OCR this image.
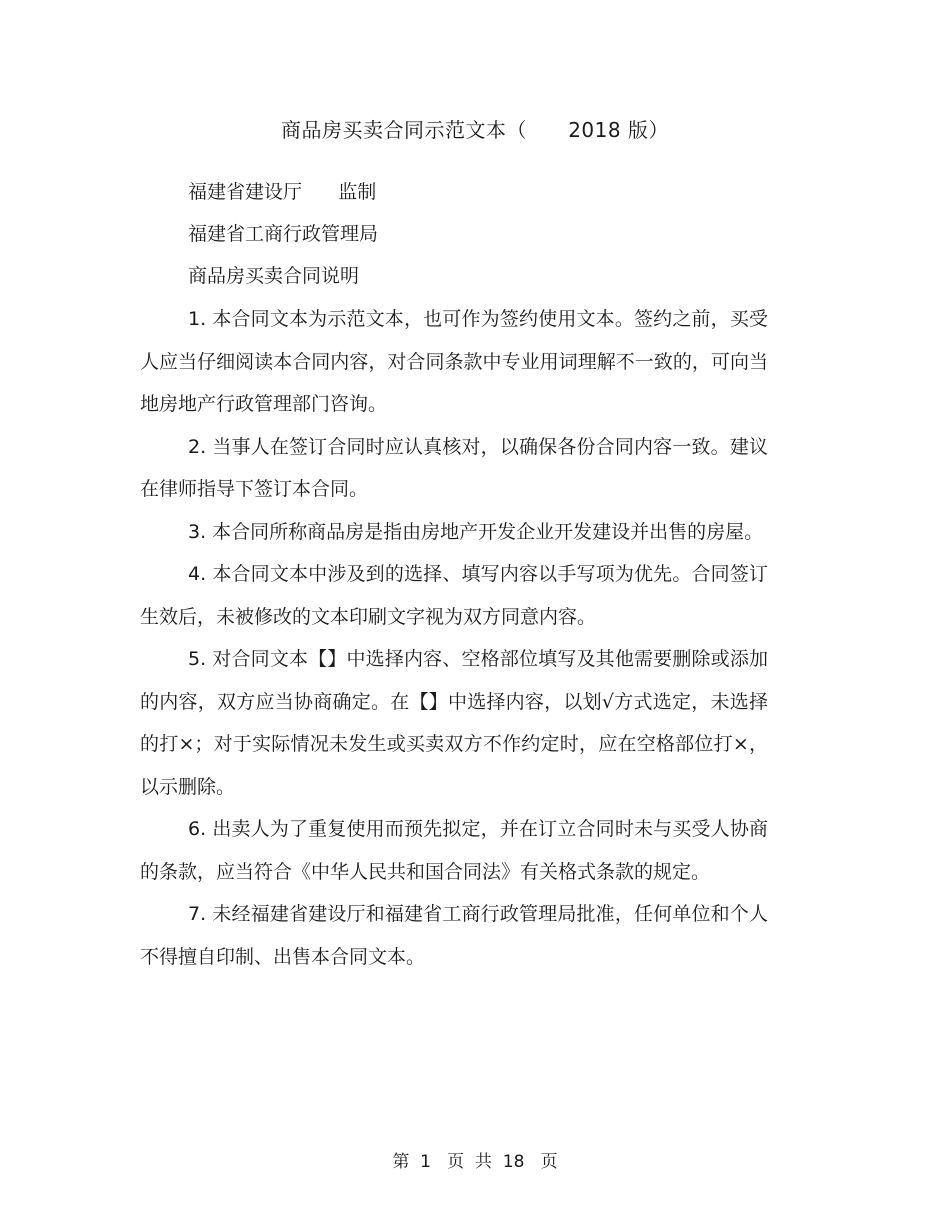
商品房买卖合同示范文本（      2018 版）
福建省建设厅      监制
福建省工商行政管理局
商品房买卖合同说明

1. 本合同文本为示范文本，也可作为签约使用文本。签约之前，买受人应当仔细阅读本合同内容，对合同条款中专业用词理解不一致的，可向当地房地产行政管理部门咨询。

2. 当事人在签订合同时应认真核对，以确保各份合同内容一致。建议在律师指导下签订本合同。

3. 本合同所称商品房是指由房地产开发企业开发建设并出售的房屋。

4. 本合同文本中涉及到的选择、填写内容以手写项为优先。合同签订生效后，未被修改的文本印刷文字视为双方同意内容。

5. 对合同文本【】中选择内容、空格部位填写及其他需要删除或添加的内容，双方应当协商确定。在【】中选择内容，以划√方式选定，未选择的打×；对于实际情况未发生或买卖双方不作约定时，应在空格部位打×，以示删除。

6. 出卖人为了重复使用而预先拟定，并在订立合同时未与买受人协商的条款，应当符合《中华人民共和国合同法》有关格式条款的规定。

7. 未经福建省建设厅和福建省工商行政管理局批准，任何单位和个人不得擅自印制、出售本合同文本。

第  1   页  共  18   页
